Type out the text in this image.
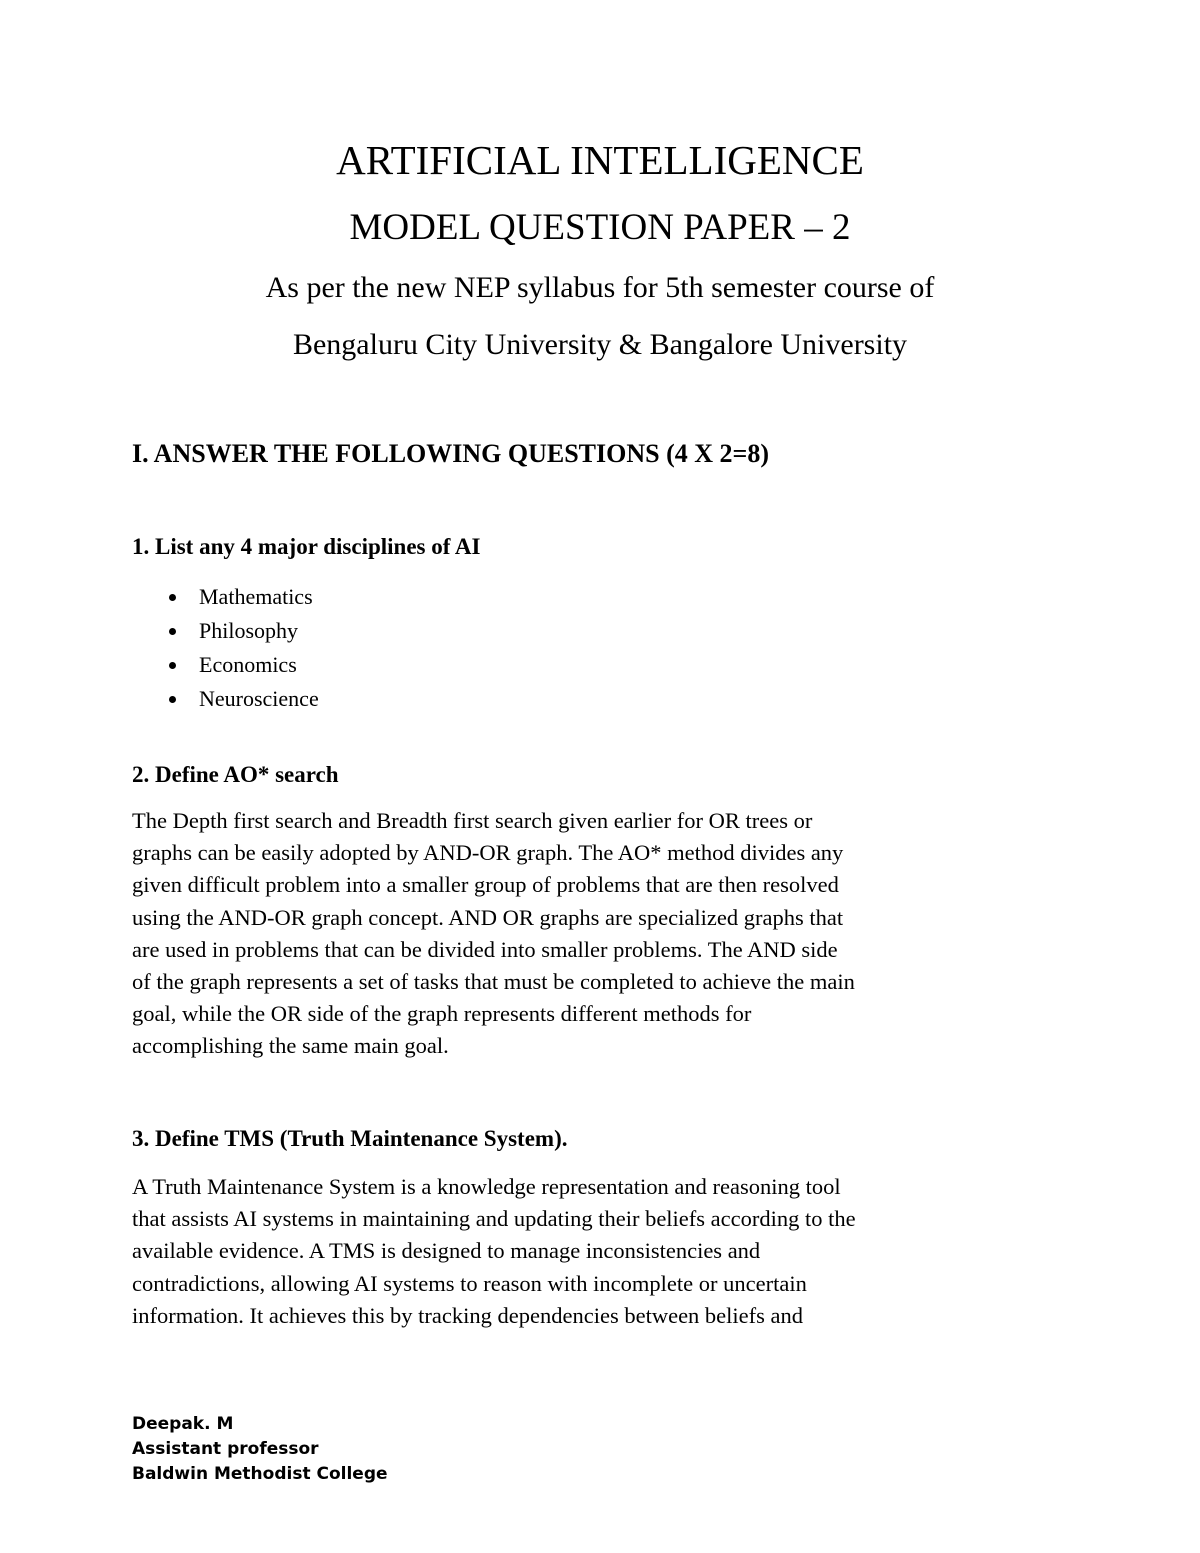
ARTIFICIAL INTELLIGENCE
MODEL QUESTION PAPER – 2
As per the new NEP syllabus for 5th semester course of
Bengaluru City University & Bangalore University
I. ANSWER THE FOLLOWING QUESTIONS (4 X 2=8)
1. List any 4 major disciplines of AI
Mathematics
Philosophy
Economics
Neuroscience
2. Define AO* search

The Depth first search and Breadth first search given earlier for OR trees or
graphs can be easily adopted by AND-OR graph. The AO* method divides any
given difficult problem into a smaller group of problems that are then resolved
using the AND-OR graph concept. AND OR graphs are specialized graphs that
are used in problems that can be divided into smaller problems. The AND side
of the graph represents a set of tasks that must be completed to achieve the main
goal, while the OR side of the graph represents different methods for
accomplishing the same main goal.

3. Define TMS (Truth Maintenance System).

A Truth Maintenance System is a knowledge representation and reasoning tool
that assists AI systems in maintaining and updating their beliefs according to the
available evidence. A TMS is designed to manage inconsistencies and
contradictions, allowing AI systems to reason with incomplete or uncertain
information. It achieves this by tracking dependencies between beliefs and

Deepak. M
Assistant professor
Baldwin Methodist College
